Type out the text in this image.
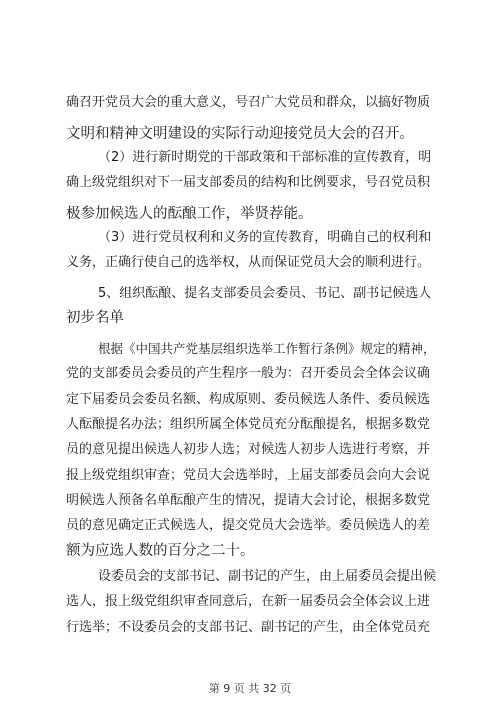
确召开党员大会的重大意义，号召广大党员和群众，以搞好物质
文明和精神文明建设的实际行动迎接党员大会的召开。
（2）进行新时期党的干部政策和干部标准的宣传教育，明
确上级党组织对下一届支部委员的结构和比例要求，号召党员积
极参加候选人的酝酿工作，举贤荐能。
（3）进行党员权利和义务的宣传教育，明确自己的权利和
义务，正确行使自己的选举权，从而保证党员大会的顺利进行。
5、组织酝酿、提名支部委员会委员、书记、副书记候选人
初步名单
根据《中国共产党基层组织选举工作暂行条例》规定的精神，
党的支部委员会委员的产生程序一般为：召开委员会全体会议确
定下届委员会委员名额、构成原则、委员候选人条件、委员候选
人酝酿提名办法；组织所属全体党员充分酝酿提名，根据多数党
员的意见提出候选人初步人选；对候选人初步人选进行考察，并
报上级党组织审查；党员大会选举时，上届支部委员会向大会说
明候选人预备名单酝酿产生的情况，提请大会讨论，根据多数党
员的意见确定正式候选人，提交党员大会选举。委员候选人的差
额为应选人数的百分之二十。
设委员会的支部书记、副书记的产生，由上届委员会提出候
选人，报上级党组织审查同意后，在新一届委员会全体会议上进
行选举；不设委员会的支部书记、副书记的产生，由全体党员充
第 9 页 共 32 页
